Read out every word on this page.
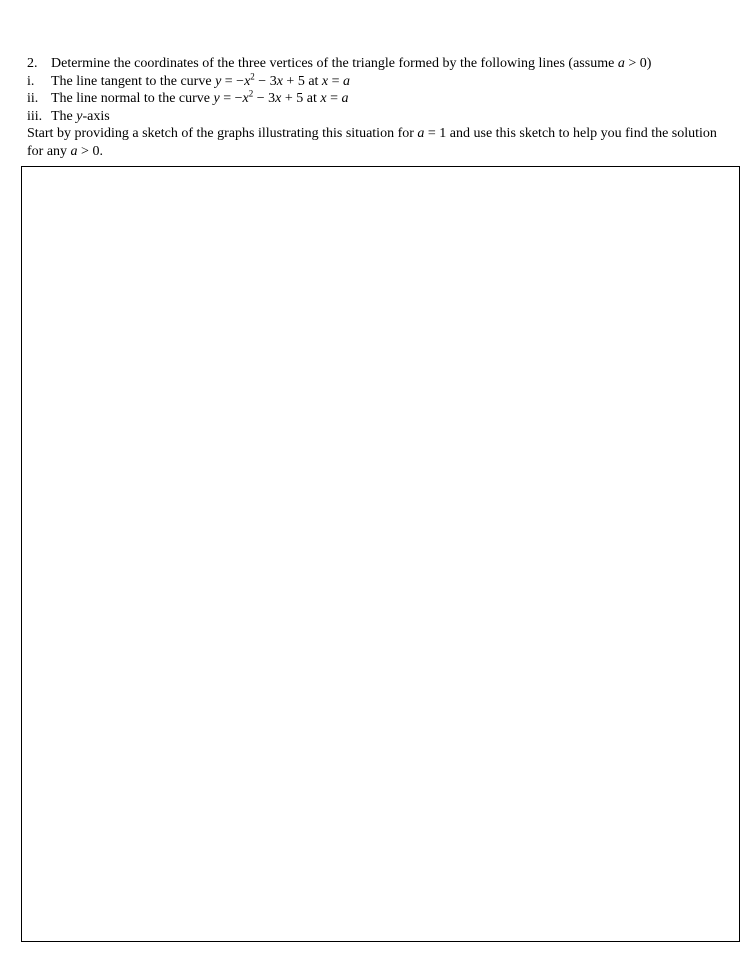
2. Determine the coordinates of the three vertices of the triangle formed by the following lines (assume a > 0)
i.	The line tangent to the curve $y = -x^2 - 3x + 5$ at x = a
ii. The line normal to the curve $y = -x^2 - 3x + 5$ at x = a
iii. The y-axis
Start by providing a sketch of the graphs illustrating this situation for a = 1 and use this sketch to help you find the solution for any a > 0.
